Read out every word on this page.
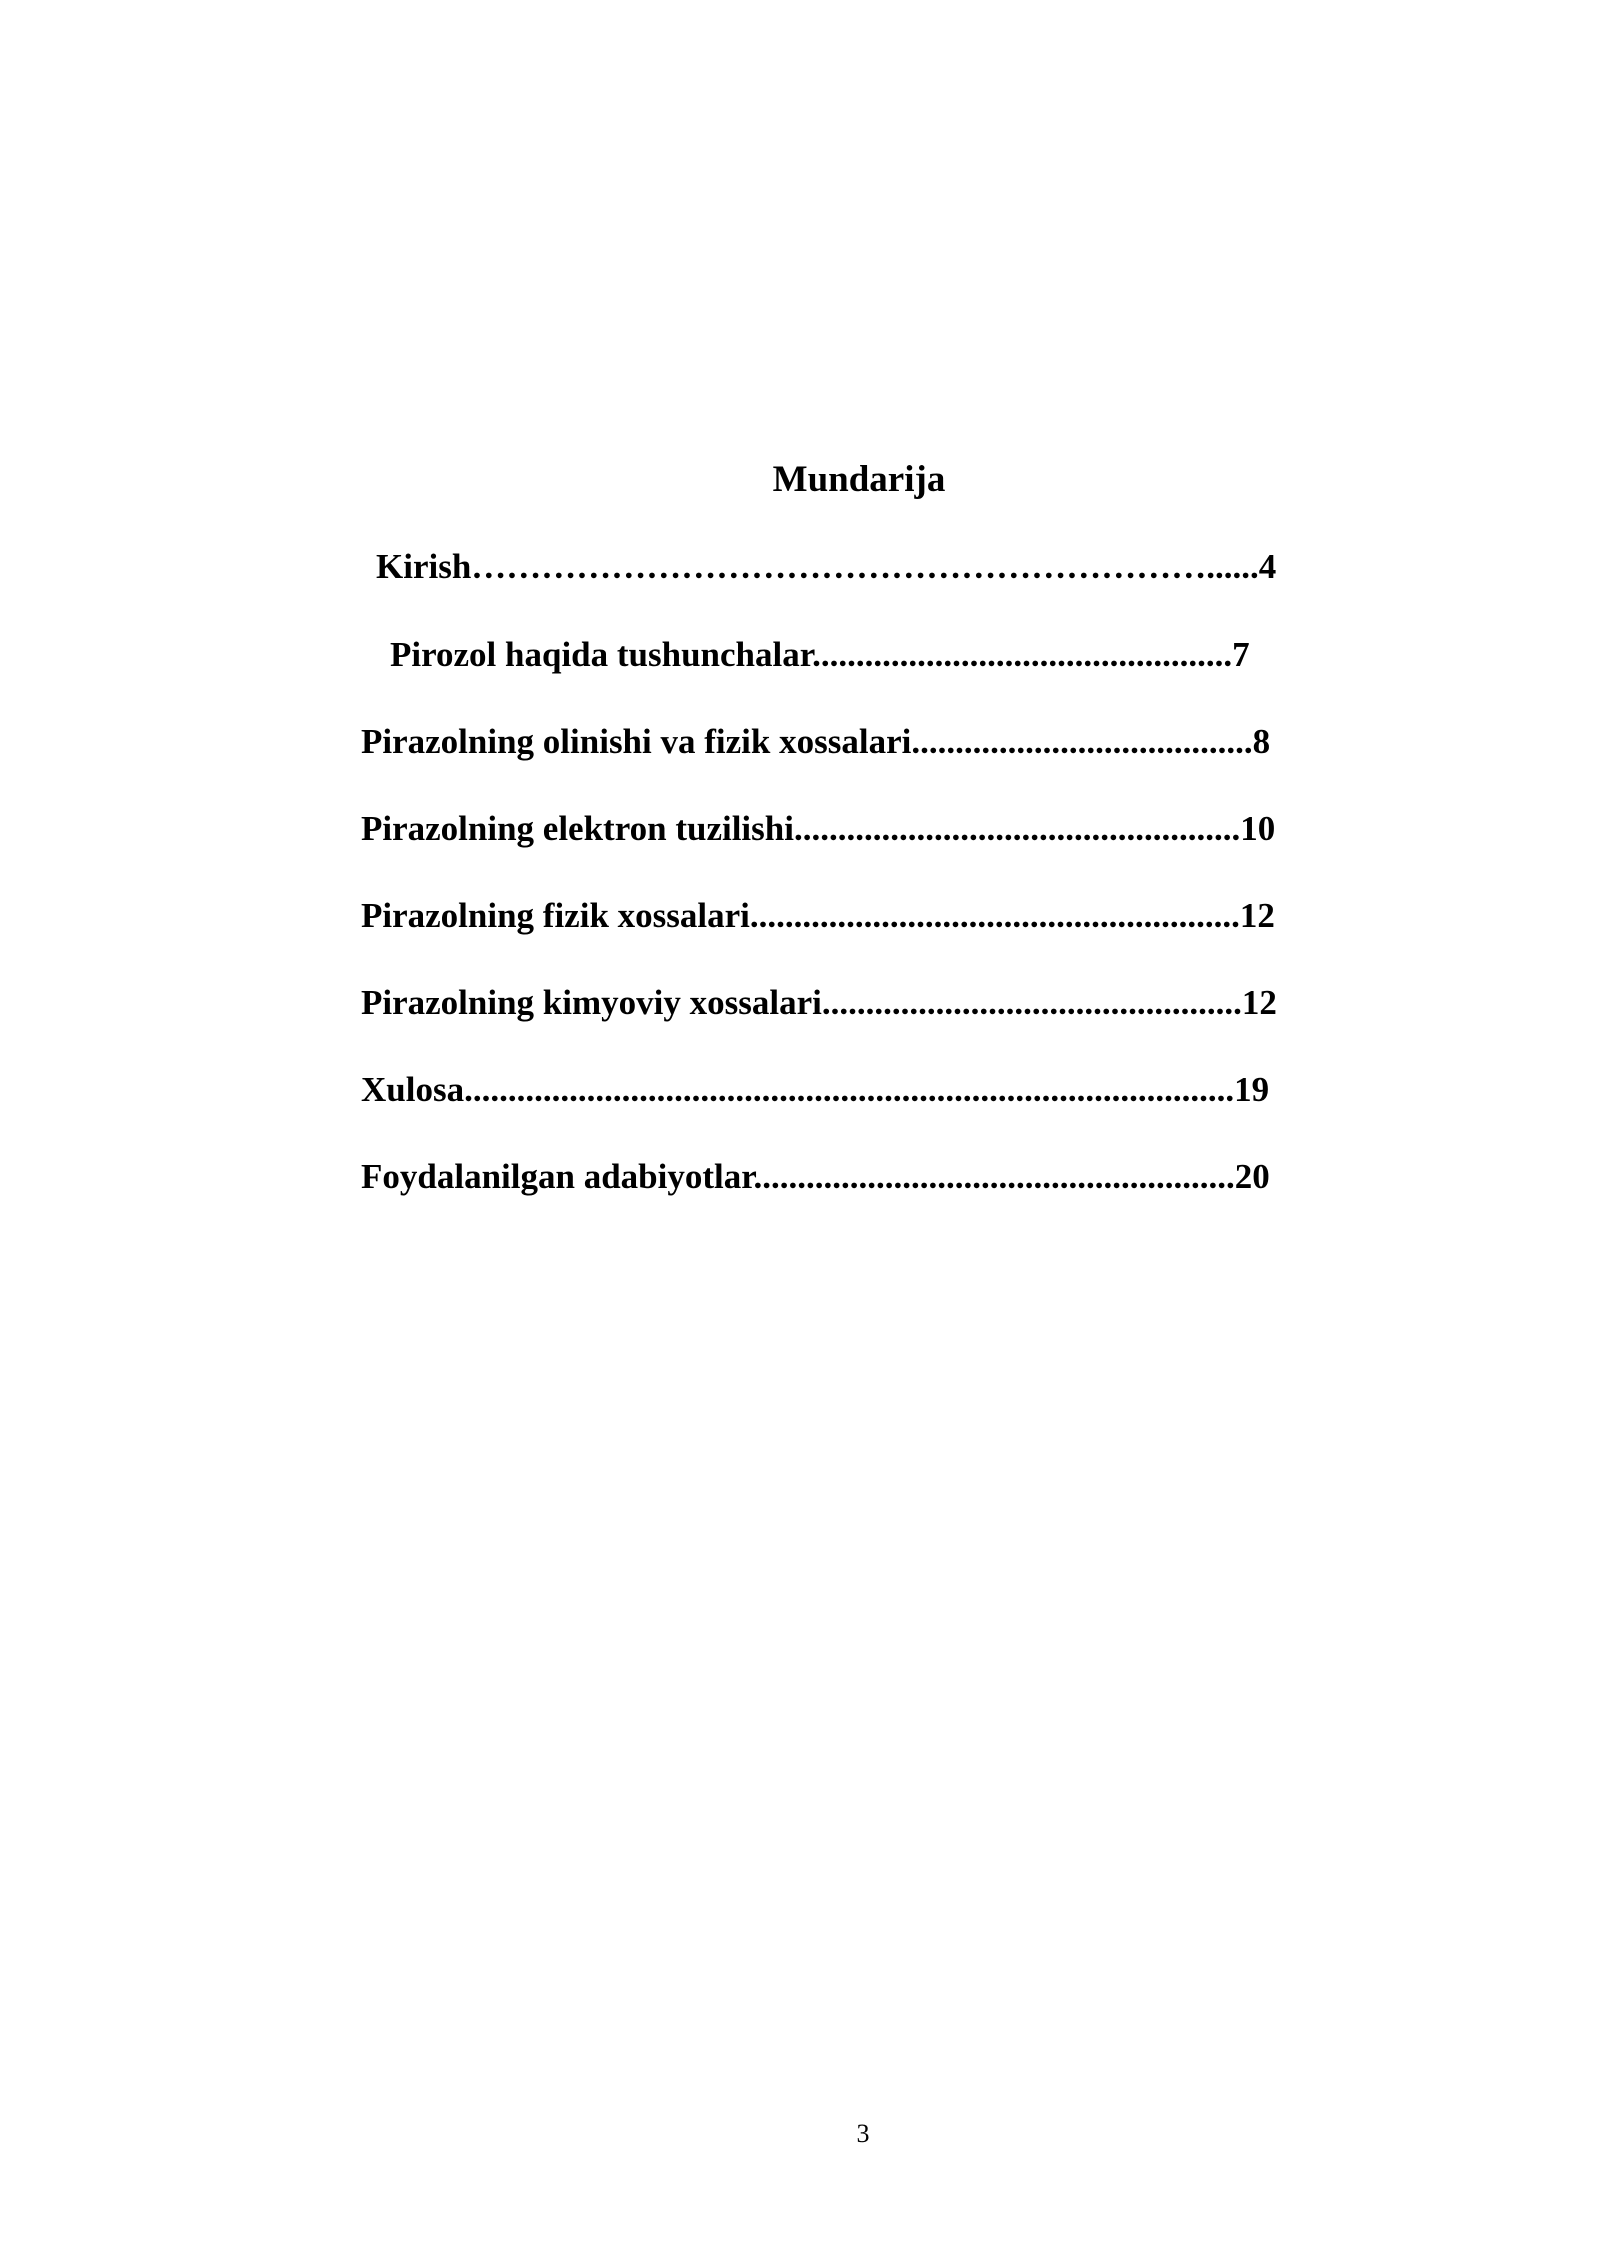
Mundarija
Kirish………………………………………………………......4
Pirozol haqida tushunchalar................................................7
Pirazolning olinishi va fizik xossalari.......................................8
Pirazolning elektron tuzilishi...................................................10
Pirazolning fizik xossalari........................................................12
Pirazolning kimyoviy xossalari................................................12
Xulosa........................................................................................19
Foydalanilgan adabiyotlar.......................................................20
3
